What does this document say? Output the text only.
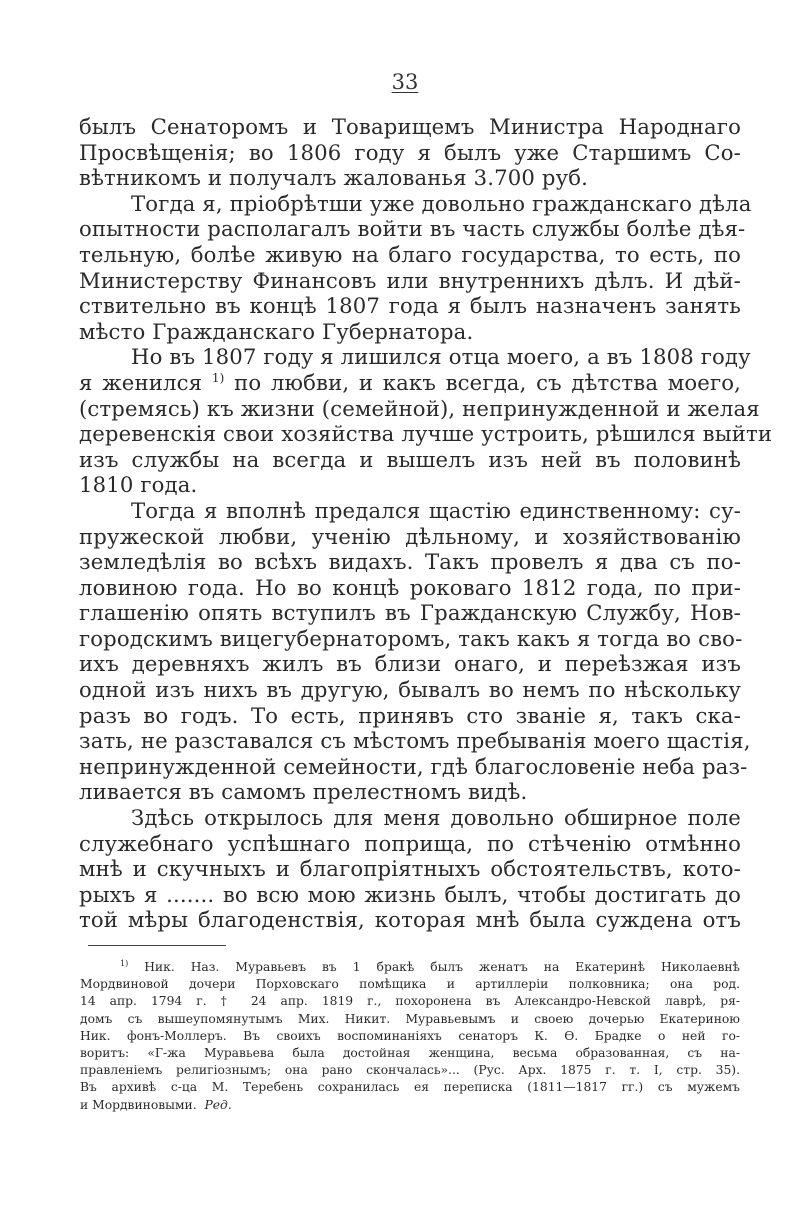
33
былъ Сенаторомъ и Товарищемъ Министра Народнаго
Просвѣщенія; во 1806 году я былъ уже Старшимъ Со-
вѣтникомъ и получалъ жалованья 3.700 руб.
Тогда я, пріобрѣтши уже довольно гражданскаго дѣла
опытности располагалъ войти въ часть службы болѣе дѣя-
тельную, болѣе живую на благо государства, то есть, по
Министерству Финансовъ или внутреннихъ дѣлъ. И дѣй-
ствительно въ концѣ 1807 года я былъ назначенъ занять
мѣсто Гражданскаго Губернатора.
Но въ 1807 году я лишился отца моего, а въ 1808 году
я женился $^{1)}$ по любви, и какъ всегда, съ дѣтства моего,
(стремясь) къ жизни (семейной), непринужденной и желая
деревенскія свои хозяйства лучше устроить, рѣшился выйти
изъ службы на всегда и вышелъ изъ ней въ половинѣ
1810 года.
Тогда я вполнѣ предался щастію единственному: су-
пружеской любви, ученію дѣльному, и хозяйствованію
земледѣлія во всѣхъ видахъ. Такъ провелъ я два съ по-
ловиною года. Но во концѣ роковаго 1812 года, по при-
глашенію опять вступилъ въ Гражданскую Службу, Нов-
городскимъ вицегубернаторомъ, такъ какъ я тогда во сво-
ихъ деревняхъ жилъ въ близи онаго, и переѣзжая изъ
одной изъ нихъ въ другую, бывалъ во немъ по нѣскольку
разъ во годъ. То есть, принявъ сто званіе я, такъ ска-
зать, не разставался съ мѣстомъ пребыванія моего щастія,
непринужденной семейности, гдѣ благословеніе неба раз-
ливается въ самомъ прелестномъ видѣ.
Здѣсь открылось для меня довольно обширное поле
служебнаго успѣшнаго поприща, по стѣченію отмѣнно
мнѣ и скучныхъ и благопріятныхъ обстоятельствъ, кото-
рыхъ я ....... во всю мою жизнь былъ, чтобы достигать до
той мѣры благоденствія, которая мнѣ была суждена отъ
$^{1)}$ Ник. Наз. Муравьевъ въ 1 бракѣ былъ женатъ на Екатеринѣ Николаевнѣ
Мордвиновой дочери Порховскаго помѣщика и артиллеріи полковника; она род.
14 апр. 1794 г. † 24 апр. 1819 г., похоронена въ Александро-Невской лаврѣ, ря-
домъ съ вышеупомянутымъ Мих. Никит. Муравьевымъ и своею дочерью Екатериною
Ник. фонъ-Моллеръ. Въ своихъ воспоминаніяхъ сенаторъ К. Ѳ. Брадке о ней го-
воритъ: «Г-жа Муравьева была достойная женщина, весьма образованная, съ на-
правленіемъ религіознымъ; она рано скончалась»... (Рус. Арх. 1875 г. т. I, стр. 35).
Въ архивѣ с-ца М. Теребень сохранилась ея переписка (1811—1817 гг.) съ мужемъ
и Мордвиновыми. Ред.
